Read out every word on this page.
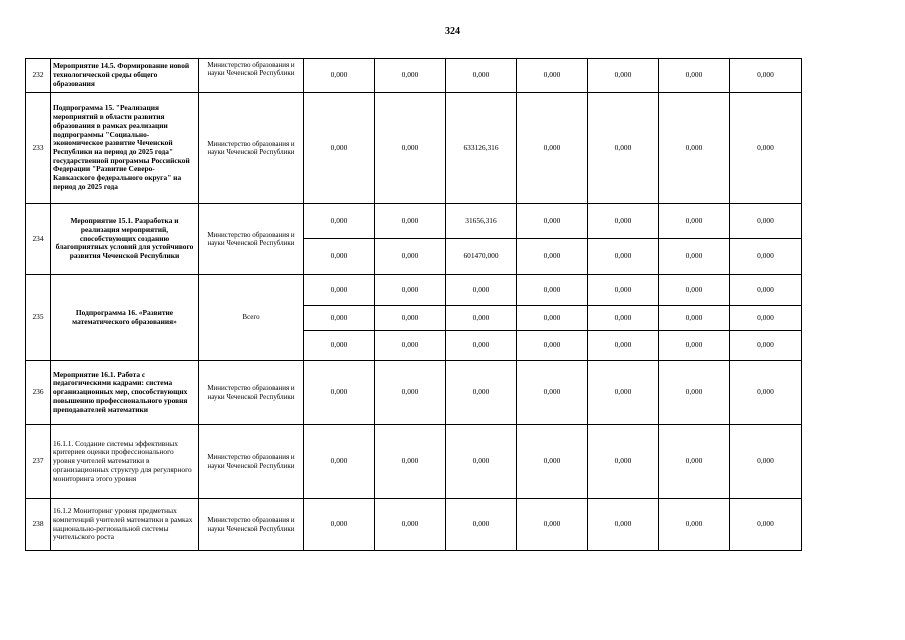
324
232	Мероприятие 14.5. Формирование новой технологической среды общего образования	Министерство образования и науки Чеченской Республики	0,000	0,000	0,000	0,000	0,000	0,000	0,000
233	Подпрограмма 15. "Реализация мероприятий в области развития образования в рамках реализации подпрограммы "Социально-экономическое развитие Чеченской Республики на период до 2025 года" государственной программы Российской Федерации "Развитие Северо-Кавказского федерального округа" на период до 2025 года	Министерство образования и науки Чеченской Республики	0,000	0,000	633126,316	0,000	0,000	0,000	0,000
234	Мероприятие 15.1. Разработка и реализация мероприятий, способствующих созданию благоприятных условий для устойчивого развития Чеченской Республики	Министерство образования и науки Чеченской Республики	0,000	0,000	31656,316	0,000	0,000	0,000	0,000
			0,000	0,000	601470,000	0,000	0,000	0,000	0,000
235	Подпрограмма 16. «Развитие математического образования»	Всего	0,000	0,000	0,000	0,000	0,000	0,000	0,000
			0,000	0,000	0,000	0,000	0,000	0,000	0,000
			0,000	0,000	0,000	0,000	0,000	0,000	0,000
236	Мероприятие 16.1. Работа с педагогическими кадрами: система организационных мер, способствующих повышению профессионального уровня преподавателей математики	Министерство образования и науки Чеченской Республики	0,000	0,000	0,000	0,000	0,000	0,000	0,000
237	16.1.1. Создание системы эффективных критериев оценки профессионального уровня учителей математики в организационных структур для регулярного мониторинга этого уровня	Министерство образования и науки Чеченской Республики	0,000	0,000	0,000	0,000	0,000	0,000	0,000
238	16.1.2 Мониторинг уровня предметных компетенций учителей математики в рамках национально-региональной системы учительского роста	Министерство образования и науки Чеченской Республики	0,000	0,000	0,000	0,000	0,000	0,000	0,000
